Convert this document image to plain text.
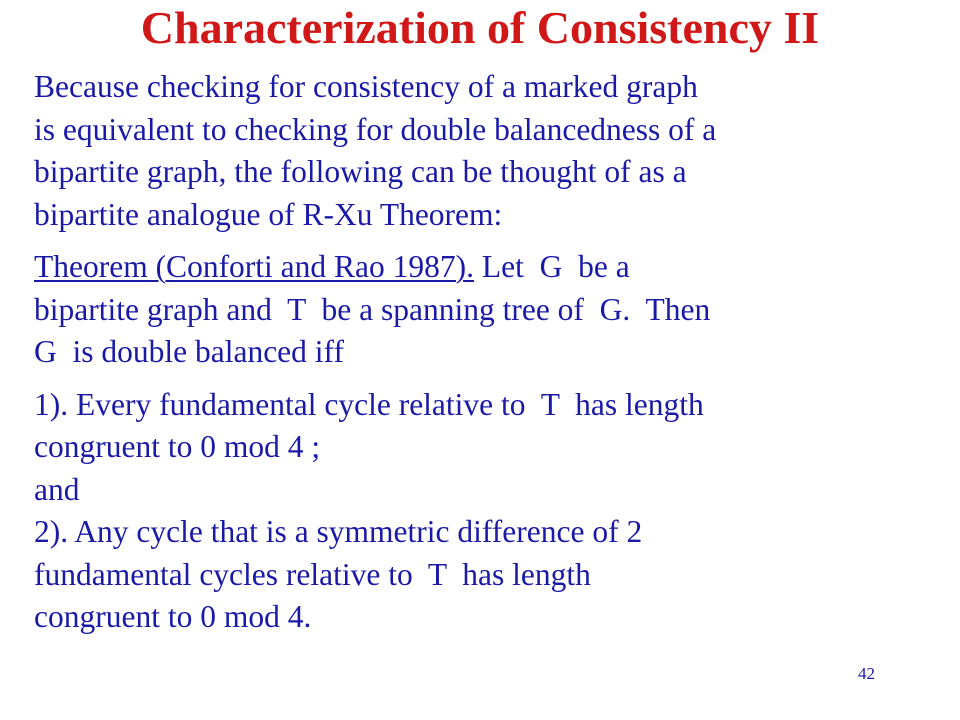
Characterization of Consistency II

Because checking for consistency of a marked graph

is equivalent to checking for double balancedness of a

bipartite graph, the following can be thought of as a

bipartite analogue of R-Xu Theorem:

Theorem (Conforti and Rao 1987). Let  G  be a

bipartite graph and  T  be a spanning tree of  G.  Then

G  is double balanced iff

1). Every fundamental cycle relative to  T  has length

congruent to 0 mod 4 ;

and

2). Any cycle that is a symmetric difference of 2

fundamental cycles relative to  T  has length

congruent to 0 mod 4.

42
